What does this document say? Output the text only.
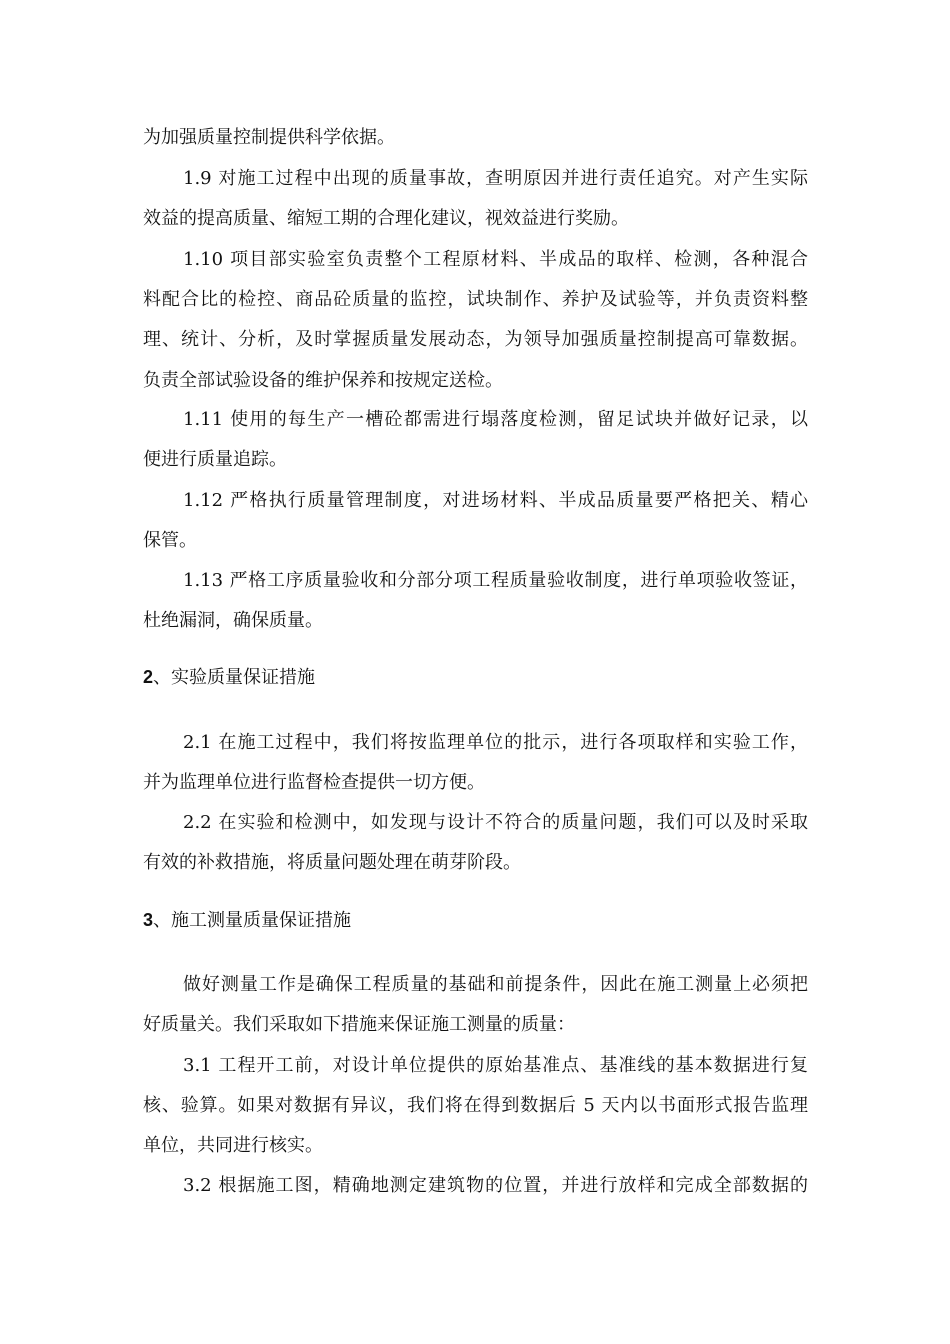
为加强质量控制提供科学依据。
1.9 对施工过程中出现的质量事故，查明原因并进行责任追究。对产生实际
效益的提高质量、缩短工期的合理化建议，视效益进行奖励。
1.10 项目部实验室负责整个工程原材料、半成品的取样、检测，各种混合
料配合比的检控、商品砼质量的监控，试块制作、养护及试验等，并负责资料整
理、统计、分析，及时掌握质量发展动态，为领导加强质量控制提高可靠数据。
负责全部试验设备的维护保养和按规定送检。
1.11 使用的每生产一槽砼都需进行塌落度检测，留足试块并做好记录，以
便进行质量追踪。
1.12 严格执行质量管理制度，对进场材料、半成品质量要严格把关、精心
保管。
1.13 严格工序质量验收和分部分项工程质量验收制度，进行单项验收签证，
杜绝漏洞，确保质量。
2、实验质量保证措施
2.1 在施工过程中，我们将按监理单位的批示，进行各项取样和实验工作，
并为监理单位进行监督检查提供一切方便。
2.2 在实验和检测中，如发现与设计不符合的质量问题，我们可以及时采取
有效的补救措施，将质量问题处理在萌芽阶段。
3、施工测量质量保证措施
做好测量工作是确保工程质量的基础和前提条件，因此在施工测量上必须把
好质量关。我们采取如下措施来保证施工测量的质量：
3.1 工程开工前，对设计单位提供的原始基准点、基准线的基本数据进行复
核、验算。如果对数据有异议，我们将在得到数据后 5 天内以书面形式报告监理
单位，共同进行核实。
3.2 根据施工图，精确地测定建筑物的位置，并进行放样和完成全部数据的
